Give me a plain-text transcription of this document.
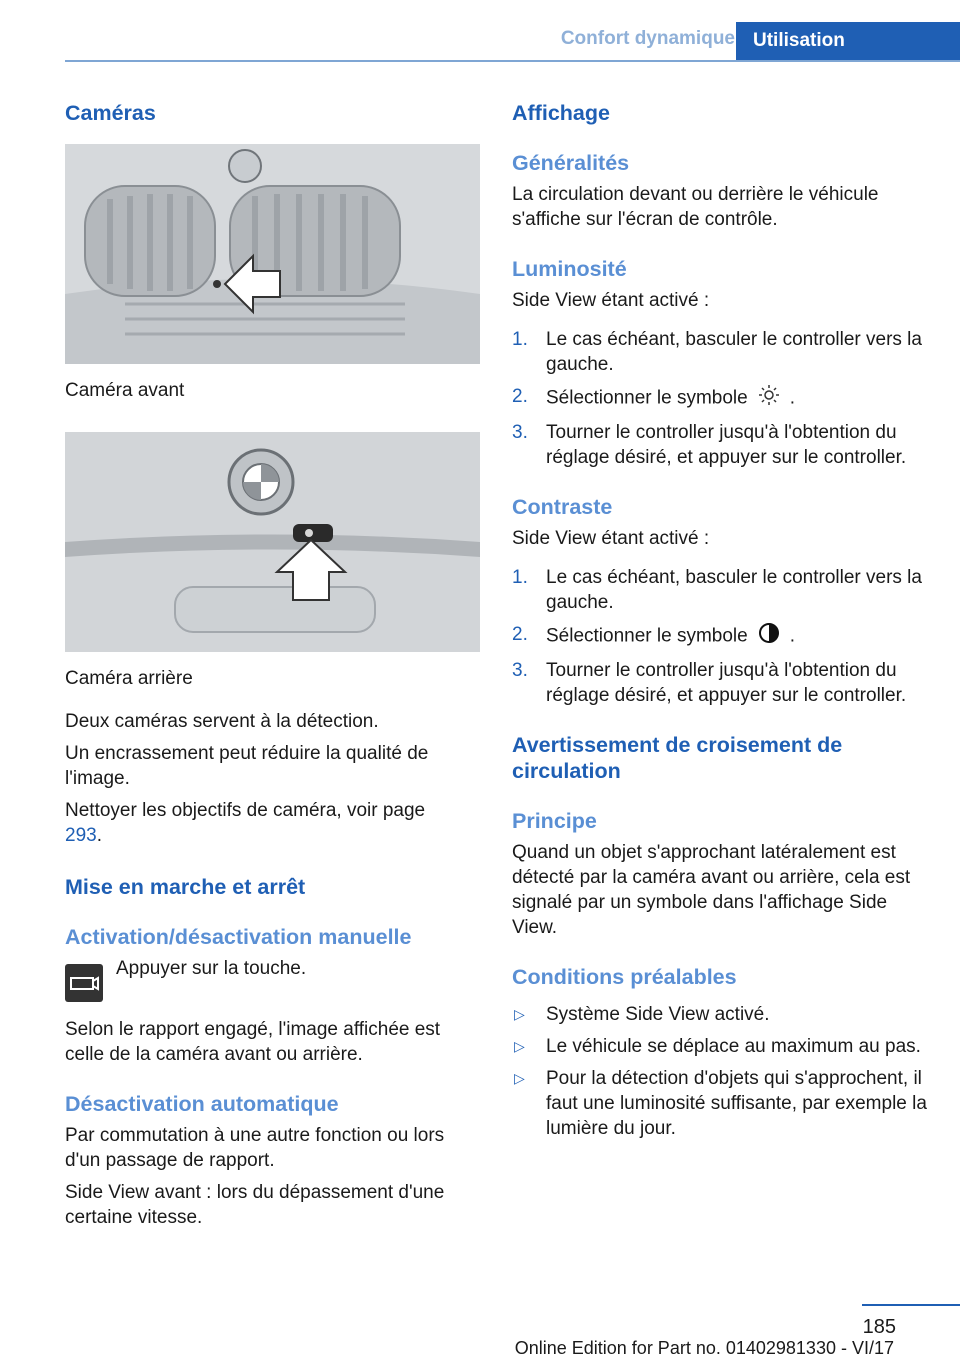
Confort dynamique Utilisation
Caméras

Caméra avant

Caméra arrière

Deux caméras servent à la détection.

Un encrassement peut réduire la qualité de l'image.

Nettoyer les objectifs de caméra, voir page 293.

Mise en marche et arrêt
Activation/désactivation manuelle

Appuyer sur la touche.

Selon le rapport engagé, l'image affichée est celle de la caméra avant ou arrière.

Désactivation automatique

Par commutation à une autre fonction ou lors d'un passage de rapport.

Side View avant : lors du dépassement d'une certaine vitesse.

Affichage
Généralités

La circulation devant ou derrière le véhicule s'affiche sur l'écran de contrôle.

Luminosité

Side View étant activé :

1. Le cas échéant, basculer le controller vers la gauche.
2. Sélectionner le symbole .
3. Tourner le controller jusqu'à l'obtention du réglage désiré, et appuyer sur le controller.
Contraste

Side View étant activé :

1. Le cas échéant, basculer le controller vers la gauche.
2. Sélectionner le symbole .
3. Tourner le controller jusqu'à l'obtention du réglage désiré, et appuyer sur le controller.
Avertissement de croisement de circulation
Principe

Quand un objet s'approchant latéralement est détecté par la caméra avant ou arrière, cela est signalé par un symbole dans l'affichage Side View.

Conditions préalables
▷ Système Side View activé.
▷ Le véhicule se déplace au maximum au pas.
▷ Pour la détection d'objets qui s'approchent, il faut une luminosité suffisante, par exemple la lumière du jour.
185
Online Edition for Part no. 01402981330 - VI/17
